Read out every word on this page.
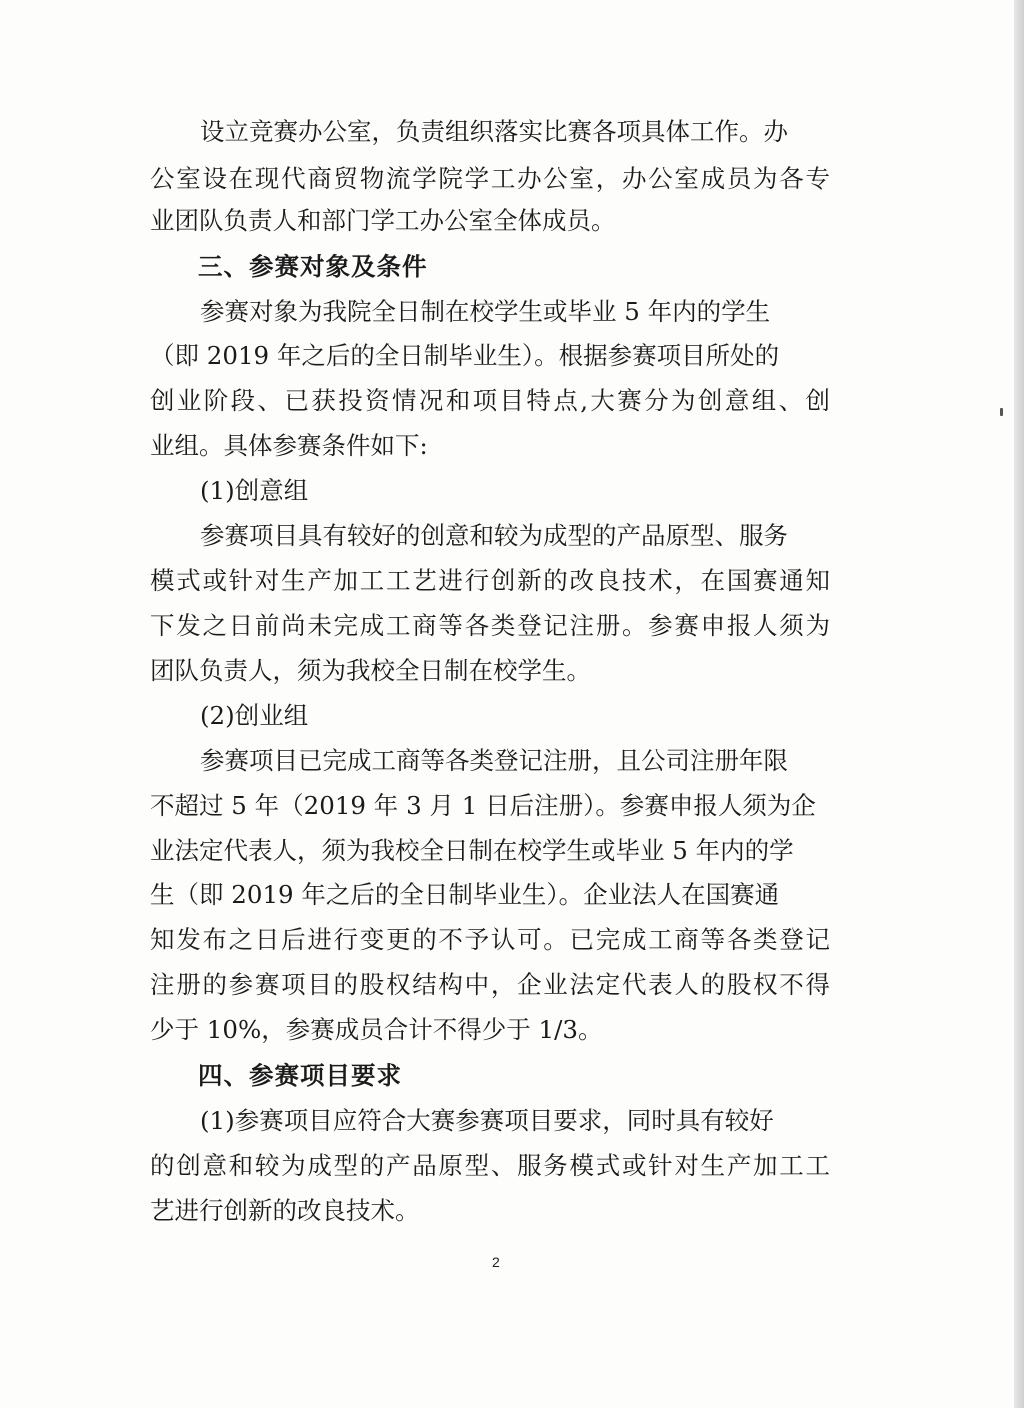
设立竞赛办公室，负责组织落实比赛各项具体工作。办
公室设在现代商贸物流学院学工办公室，办公室成员为各专
业团队负责人和部门学工办公室全体成员。
三、参赛对象及条件
参赛对象为我院全日制在校学生或毕业 5 年内的学生
（即 2019 年之后的全日制毕业生）。根据参赛项目所处的
创业阶段、已获投资情况和项目特点,大赛分为创意组、创
业组。具体参赛条件如下:
(1)创意组
参赛项目具有较好的创意和较为成型的产品原型、服务
模式或针对生产加工工艺进行创新的改良技术，在国赛通知
下发之日前尚未完成工商等各类登记注册。参赛申报人须为
团队负责人，须为我校全日制在校学生。
(2)创业组
参赛项目已完成工商等各类登记注册，且公司注册年限
不超过 5 年（2019 年 3 月 1 日后注册）。参赛申报人须为企
业法定代表人，须为我校全日制在校学生或毕业 5 年内的学
生（即 2019 年之后的全日制毕业生）。企业法人在国赛通
知发布之日后进行变更的不予认可。已完成工商等各类登记
注册的参赛项目的股权结构中，企业法定代表人的股权不得
少于 10%，参赛成员合计不得少于 1/3。
四、参赛项目要求
(1)参赛项目应符合大赛参赛项目要求，同时具有较好
的创意和较为成型的产品原型、服务模式或针对生产加工工
艺进行创新的改良技术。
2
